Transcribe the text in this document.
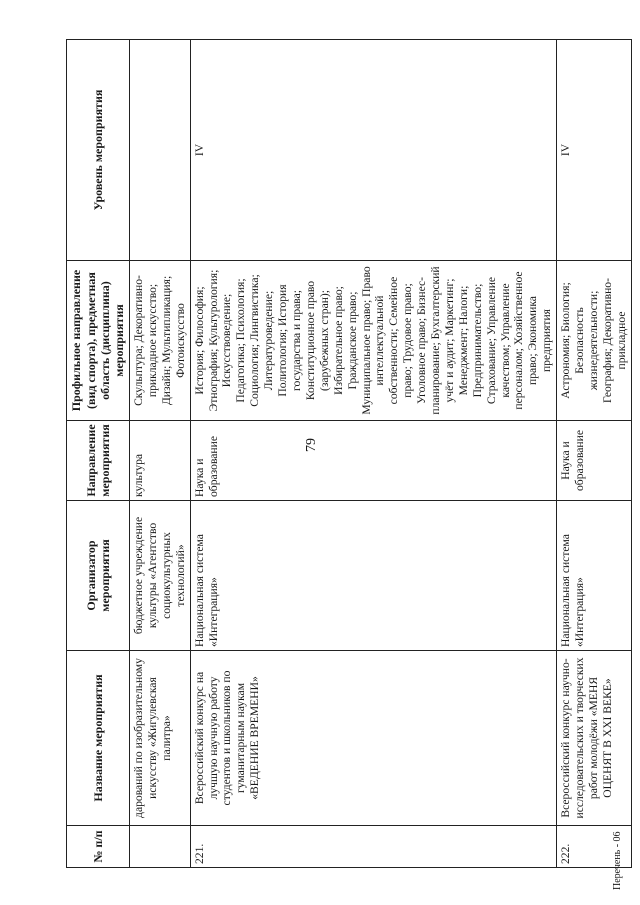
79
№ п/п	Название мероприятия	Организатор мероприятия	Направление мероприятия	Профильное направление (вид спорта), предметная область (дисциплина) мероприятия	Уровень мероприятия
	дарований по изобразительному искусству «Жигулевская палитра»	бюджетное учреждение культуры «Агентство социокультурных технологий»	культура	Скульптура; Декоративно-прикладное искусство; Дизайн; Мультипликация; Фотоискусство	
221.	Всероссийский конкурс на лучшую научную работу студентов и школьников по гуманитарным наукам «ВЕДЕНИЕ ВРЕМЕНИ»	Национальная система «Интеграция»	Наука и образование	История; Философия; Этнография; Культурология; Искусствоведение; Педагогика; Психология; Социология; Лингвистика; Литературоведение; Политология; История государства и права; Конституционное право (зарубежных стран); Избирательное право; Гражданское право; Муниципальное право; Право интеллектуальной собственности; Семейное право; Трудовое право; Уголовное право; Бизнес-планирование; Бухгалтерский учёт и аудит; Маркетинг; Менеджмент; Налоги; Предпринимательство; Страхование; Управление качеством; Управление персоналом; Хозяйственное право; Экономика предприятия	IV
222.	Всероссийский конкурс научно-исследовательских и творческих работ молодёжи «МЕНЯ ОЦЕНЯТ В XXI ВЕКЕ»	Национальная система «Интеграция»	Наука и образование	Астрономия; Биология; Безопасность жизнедеятельности; География; Декоративно-прикладное	IV
Перечень - 06
